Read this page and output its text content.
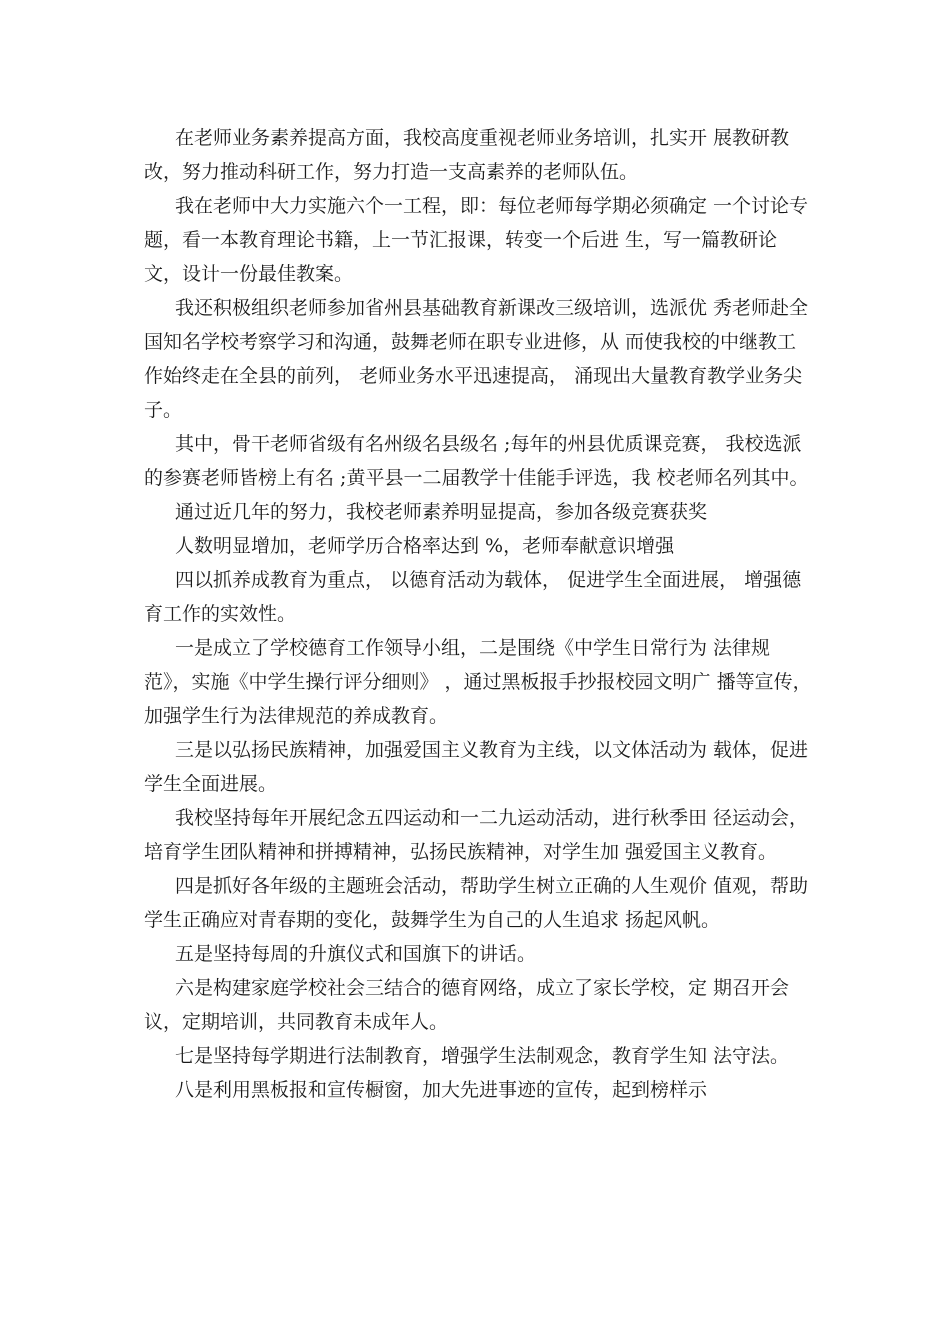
在老师业务素养提高方面，我校高度重视老师业务培训，扎实开 展教研教改，努力推动科研工作，努力打造一支高素养的老师队伍。

我在老师中大力实施六个一工程，即：每位老师每学期必须确定 一个讨论专题，看一本教育理论书籍，上一节汇报课，转变一个后进 生，写一篇教研论文，设计一份最佳教案。

我还积极组织老师参加省州县基础教育新课改三级培训，选派优 秀老师赴全国知名学校考察学习和沟通，鼓舞老师在职专业进修，从 而使我校的中继教工作始终走在全县的前列， 老师业务水平迅速提高， 涌现出大量教育教学业务尖子。

其中，骨干老师省级有名州级名县级名 ;每年的州县优质课竞赛， 我校选派的参赛老师皆榜上有名 ;黄平县一二届教学十佳能手评选，我 校老师名列其中。

通过近几年的努力，我校老师素养明显提高，参加各级竞赛获奖

人数明显增加，老师学历合格率达到 %，老师奉献意识增强

四以抓养成教育为重点， 以德育活动为载体， 促进学生全面进展， 增强德育工作的实效性。

一是成立了学校德育工作领导小组，二是围绕《中学生日常行为 法律规范》，实施《中学生操行评分细则》 ，通过黑板报手抄报校园文明广 播等宣传，加强学生行为法律规范的养成教育。

三是以弘扬民族精神，加强爱国主义教育为主线，以文体活动为 载体，促进学生全面进展。

我校坚持每年开展纪念五四运动和一二九运动活动，进行秋季田 径运动会，培育学生团队精神和拼搏精神，弘扬民族精神，对学生加 强爱国主义教育。

四是抓好各年级的主题班会活动，帮助学生树立正确的人生观价 值观，帮助学生正确应对青春期的变化，鼓舞学生为自己的人生追求 扬起风帆。

五是坚持每周的升旗仪式和国旗下的讲话。

六是构建家庭学校社会三结合的德育网络，成立了家长学校，定 期召开会议，定期培训，共同教育未成年人。

七是坚持每学期进行法制教育，增强学生法制观念，教育学生知 法守法。

八是利用黑板报和宣传橱窗，加大先进事迹的宣传，起到榜样示
